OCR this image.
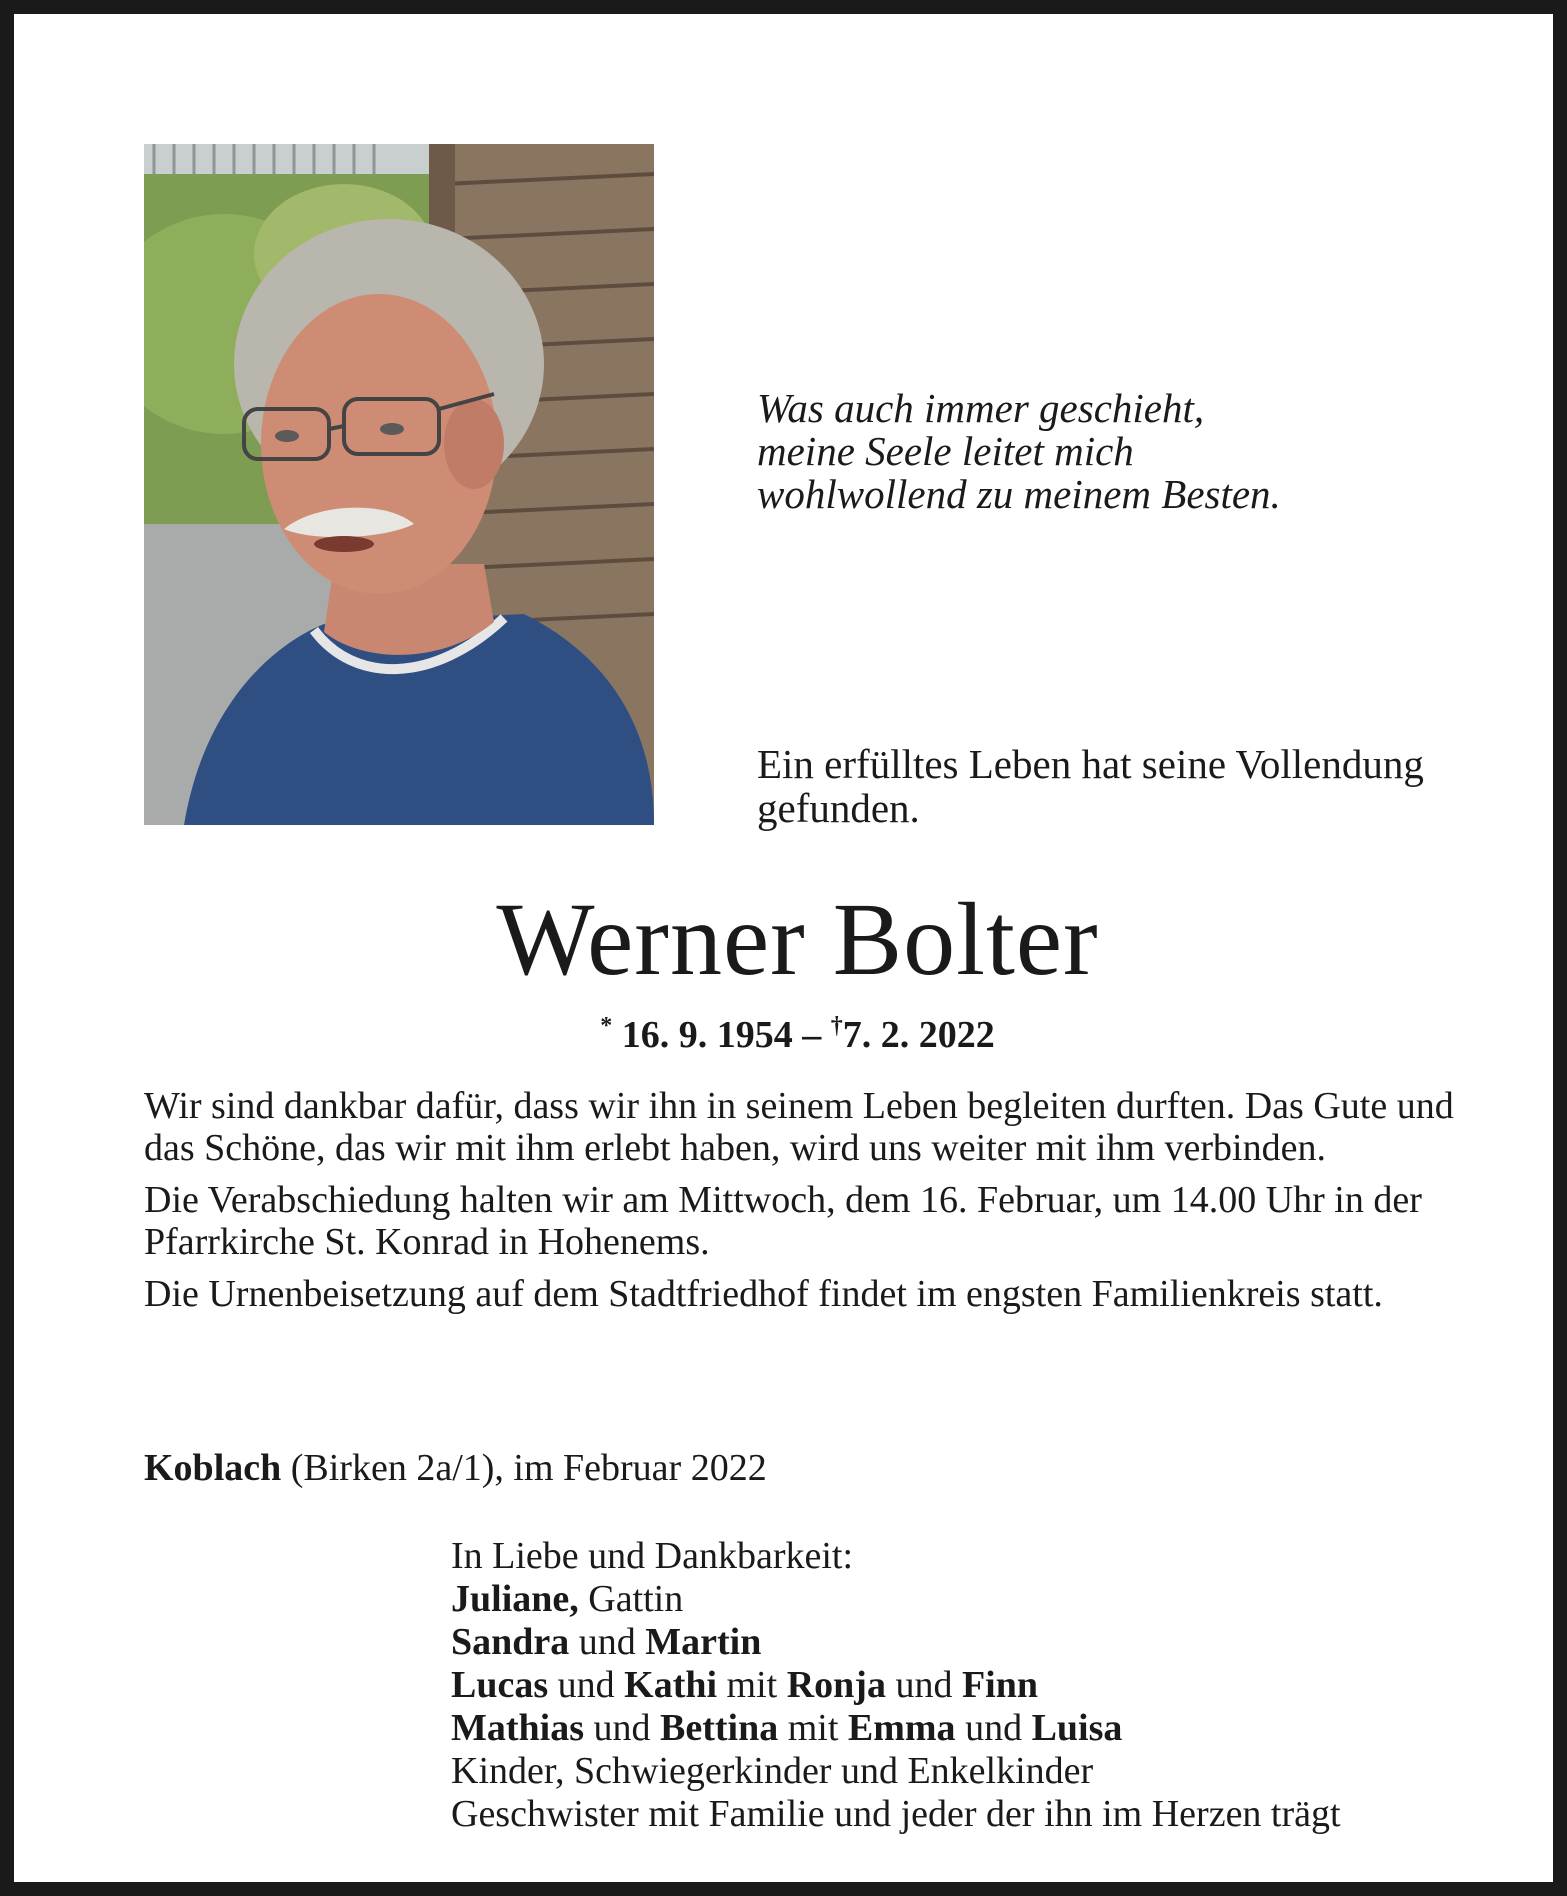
Was auch immer geschieht,
meine Seele leitet mich
wohlwollend zu meinem Besten.
Ein erfülltes Leben hat seine Vollendung
gefunden.
Werner Bolter
* 16. 9. 1954 – †7. 2. 2022

Wir sind dankbar dafür, dass wir ihn in seinem Leben begleiten durften. Das Gute und das Schöne, das wir mit ihm erlebt haben, wird uns weiter mit ihm verbinden.

Die Verabschiedung halten wir am Mittwoch, dem 16. Februar, um 14.00 Uhr in der Pfarrkirche St. Konrad in Hohenems.

Die Urnenbeisetzung auf dem Stadtfriedhof findet im engsten Familienkreis statt.

Koblach (Birken 2a/1), im Februar 2022
In Liebe und Dankbarkeit:
Juliane, Gattin
Sandra und Martin
Lucas und Kathi mit Ronja und Finn
Mathias und Bettina mit Emma und Luisa
Kinder, Schwiegerkinder und Enkelkinder
Geschwister mit Familie und jeder der ihn im Herzen trägt
